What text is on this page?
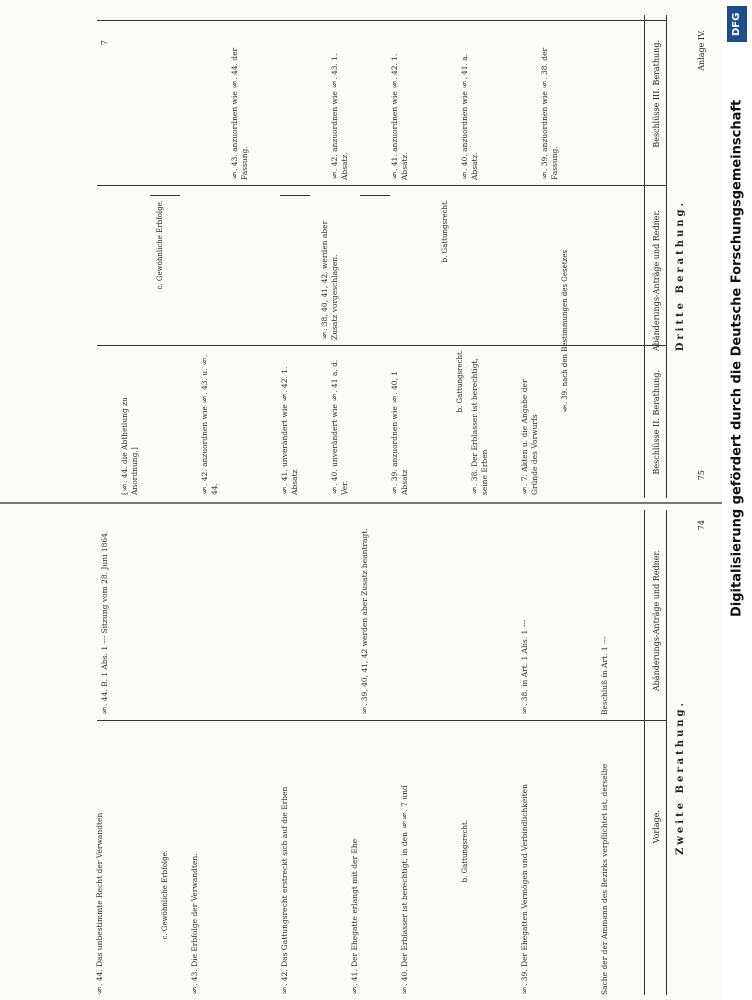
DFG
Digitalisierung gefördert durch die Deutsche Forschungsgemeinschaft
Anlage IV.
75
Dritte Berathung.
Beschlüsse III. Berathung.
Abänderungs-Anträge und Redner.
Beschlüsse II. Berathung.
§. 7. Akten u. die Angabe der Gründe des Vorwurfs
§. 38. Der Erblasser ist berechtigt, seine Erben
b. Gattungsrecht.
§. 39. anzuordnen wie §. 40, 1 Absatz
§. 40. unverändert wie §. 41 a. d. Ver.
§. 41. unverändert wie §. 42. 1. Absatz
§. 42. anzuordnen wie §. 43. u. §. 44.
[§. 44. die Abtheilung zu Anordnung.]
§. 39. nach den Bestimmungen des Gesetzes
b. Gattungsrecht.
§. 38, 40, 41, 42. werden aber Zusatz vorgeschlagen.
c. Gewöhnliche Erbfolge.
§. 39. anzuordnen wie §. 38. der Fassung.
§. 40. anzuordnen wie §. 41. a. Absatz.
§. 41. anzuordnen wie §. 42. 1. Absatz.
§. 42. anzuordnen wie §. 43. 1. Absatz.
§. 43. anzuordnen wie §. 44. der Fassung.
7
74
Zweite Berathung.
Abänderungs-Anträge und Redner.
Vorlage.
Sache der der Ammann des Bezirks verpflichtet ist, derselbe
§. 39. Der Ehegatten Vermögen und Verbindlichkeiten
b. Gattungsrecht.
§. 40. Der Erblasser ist berechtigt, in den §§. 7 und
§. 41. Der Ehegatte erlangt mit der Ehe
§. 42. Das Gattungsrecht erstreckt sich auf die Erben
§. 43. Die Erbfolge der Verwandten.
c. Gewöhnliche Erbfolge.
§. 44. Das unbestimmte Recht der Verwandten
Beschluß in Art. 1 ---
§. 38. in Art. 1 Abs. 1 ---
§. 39, 40, 41, 42 werden aber Zusatz beantragt.
§. 44. B. 1 Abs. 1 --- Sitzung vom 28. Juni 1864.
